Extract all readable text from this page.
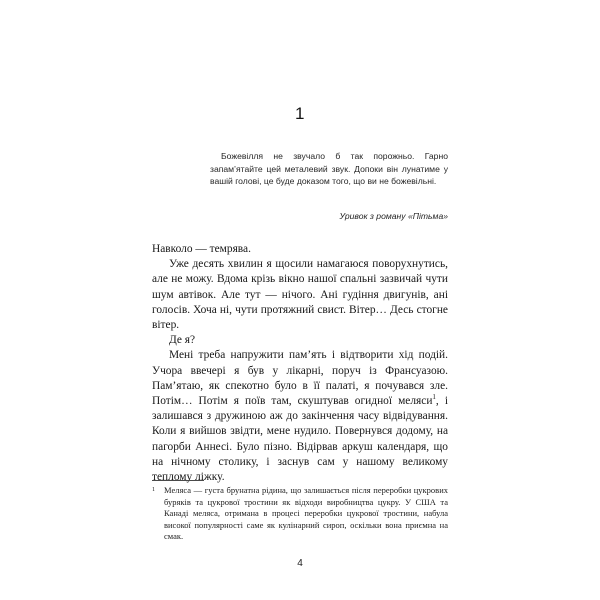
1

Божевілля не звучало б так порожньо. Гарно запам’ятайте цей металевий звук. Допоки він лунатиме у вашій голові, це буде доказом того, що ви не божевільні.

Уривок з роману «Пітьма»

Навколо — темрява.

Уже десять хвилин я щосили намагаюся поворухнутись, але не можу. Вдома крізь вікно нашої спальні зазвичай чути шум автівок. Але тут — нічого. Ані гудіння двигунів, ані голосів. Хоча ні, чути протяжний свист. Вітер… Десь стогне вітер.

Де я?

Мені треба напружити пам’ять і відтворити хід подій. Учора ввечері я був у лікарні, поруч із Франсуазою. Пам’ятаю, як спекотно було в її палаті, я почувався зле. Потім… Потім я поїв там, скуштував огидної меляси$^1$, і залишався з дружиною аж до закінчення часу відвідування. Коли я вийшов звідти, мене нудило. Повернувся додому, на пагорби Аннесі. Було пізно. Відірвав аркуш календаря, що на нічному столику, і заснув сам у нашому великому теплому ліжку.

1 Меляса — густа брунатна рідина, що залишається після переробки цукрових буряків та цукрової тростини як відходи виробництва цукру. У США та Канаді меляса, отримана в процесі переробки цукрової тростини, набула високої популярності саме як кулінарний сироп, оскільки вона приємна на смак.

4
